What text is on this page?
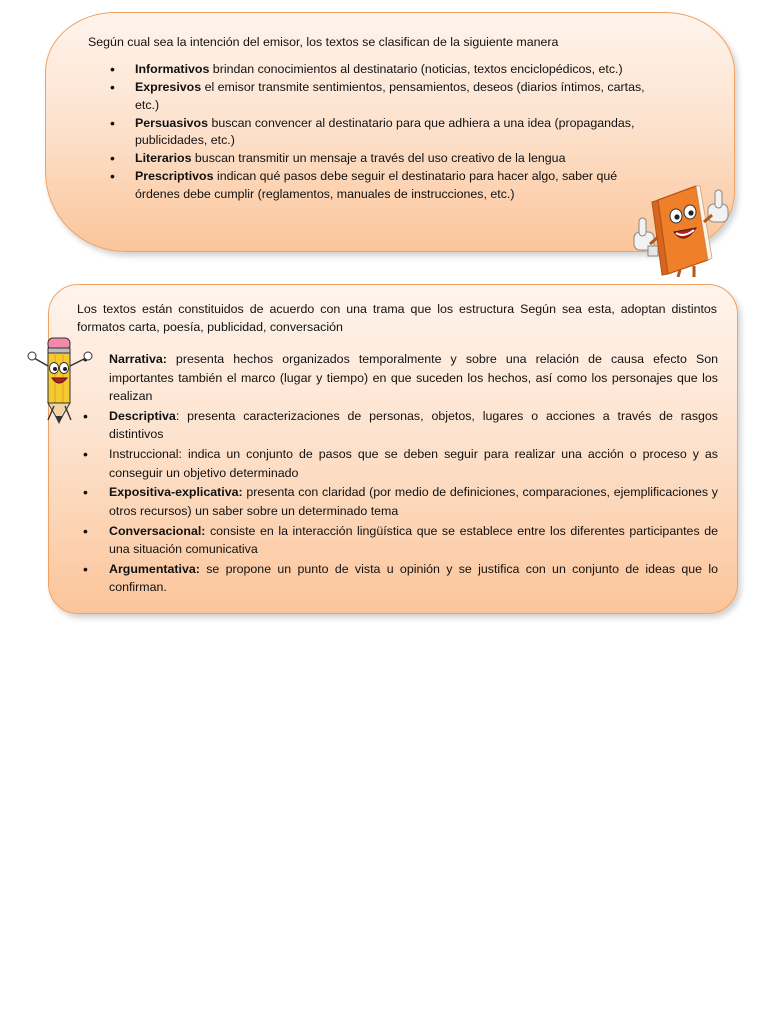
Según cual sea la intención del emisor, los textos se clasifican de la siguiente manera
• Informativos brindan conocimientos al destinatario (noticias, textos enciclopédicos, etc.)
• Expresivos el emisor transmite sentimientos, pensamientos, deseos (diarios íntimos, cartas, etc.)
• Persuasivos buscan convencer al destinatario para que adhiera a una idea (propagandas, publicidades, etc.)
• Literarios buscan transmitir un mensaje a través del uso creativo de la lengua
• Prescriptivos indican qué pasos debe seguir el destinatario para hacer algo, saber qué órdenes debe cumplir (reglamentos, manuales de instrucciones, etc.)
Los textos están constituidos de acuerdo con una trama que los estructura Según sea esta, adoptan distintos formatos carta, poesía, publicidad, conversación
• Narrativa: presenta hechos organizados temporalmente y sobre una relación de causa efecto Son importantes también el marco (lugar y tiempo) en que suceden los hechos, así como los personajes que los realizan
• Descriptiva: presenta caracterizaciones de personas, objetos, lugares o acciones a través de rasgos distintivos
• Instruccional: indica un conjunto de pasos que se deben seguir para realizar una acción o proceso y as conseguir un objetivo determinado
• Expositiva-explicativa: presenta con claridad (por medio de definiciones, comparaciones, ejemplificaciones y otros recursos) un saber sobre un determinado tema
• Conversacional: consiste en la interacción lingüística que se establece entre los diferentes participantes de una situación comunicativa
• Argumentativa: se propone un punto de vista u opinión y se justifica con un conjunto de ideas que lo confirman.
